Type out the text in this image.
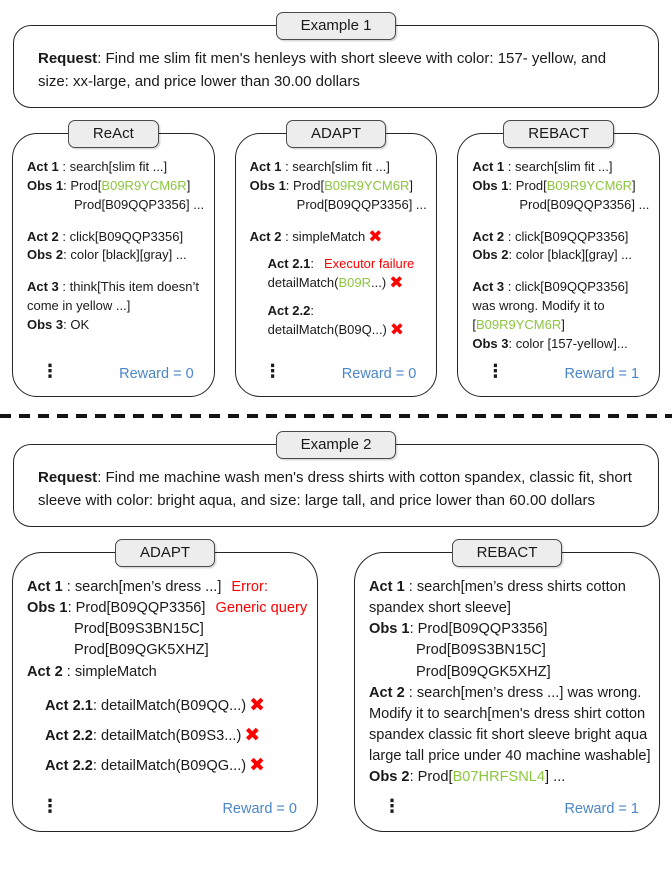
Example 1
Request: Find me slim fit men's henleys with short sleeve with color: 157- yellow, and size: xx-large, and price lower than 30.00 dollars
ReAct

Act 1 : search[slim fit ...]

Obs 1: Prod[B09R9YCM6R]

Prod[B09QQP3356] ...

Act 2 : click[B09QQP3356]

Obs 2: color [black][gray] ...

Act 3 : think[This item doesn’t come in yellow ...]

Obs 3: OK

⋮	Reward = 0
ADAPT

Act 1 : search[slim fit ...]

Obs 1: Prod[B09R9YCM6R]

Prod[B09QQP3356] ...

Act 2 : simpleMatch ✖

Act 2.1: Executor failure

detailMatch(B09R...) ✖

Act 2.2:

detailMatch(B09Q...) ✖

⋮	Reward = 0
REBACT

Act 1 : search[slim fit ...]

Obs 1: Prod[B09R9YCM6R]

Prod[B09QQP3356] ...

Act 2 : click[B09QQP3356]

Obs 2: color [black][gray] ...

Act 3 : click[B09QQP3356] was wrong. Modify it to [B09R9YCM6R]

Obs 3: color [157-yellow]...

⋮	Reward = 1
Example 2
Request: Find me machine wash men's dress shirts with cotton spandex, classic fit, short sleeve with color: bright aqua, and size: large tall, and price lower than 60.00 dollars
ADAPT

Act 1 : search[men’s dress ...] Error:

Obs 1: Prod[B09QQP3356] Generic query

Prod[B09S3BN15C]

Prod[B09QGK5XHZ]

Act 2 : simpleMatch

Act 2.1: detailMatch(B09QQ...) ✖

Act 2.2: detailMatch(B09S3...) ✖

Act 2.2: detailMatch(B09QG...) ✖

⋮	Reward = 0
REBACT

Act 1 : search[men’s dress shirts cotton spandex short sleeve]

Obs 1: Prod[B09QQP3356]

Prod[B09S3BN15C]

Prod[B09QGK5XHZ]

Act 2 : search[men’s dress ...] was wrong. Modify it to search[men's dress shirt cotton spandex classic fit short sleeve bright aqua large tall price under 40 machine washable]

Obs 2: Prod[B07HRFSNL4] ...

⋮	Reward = 1
